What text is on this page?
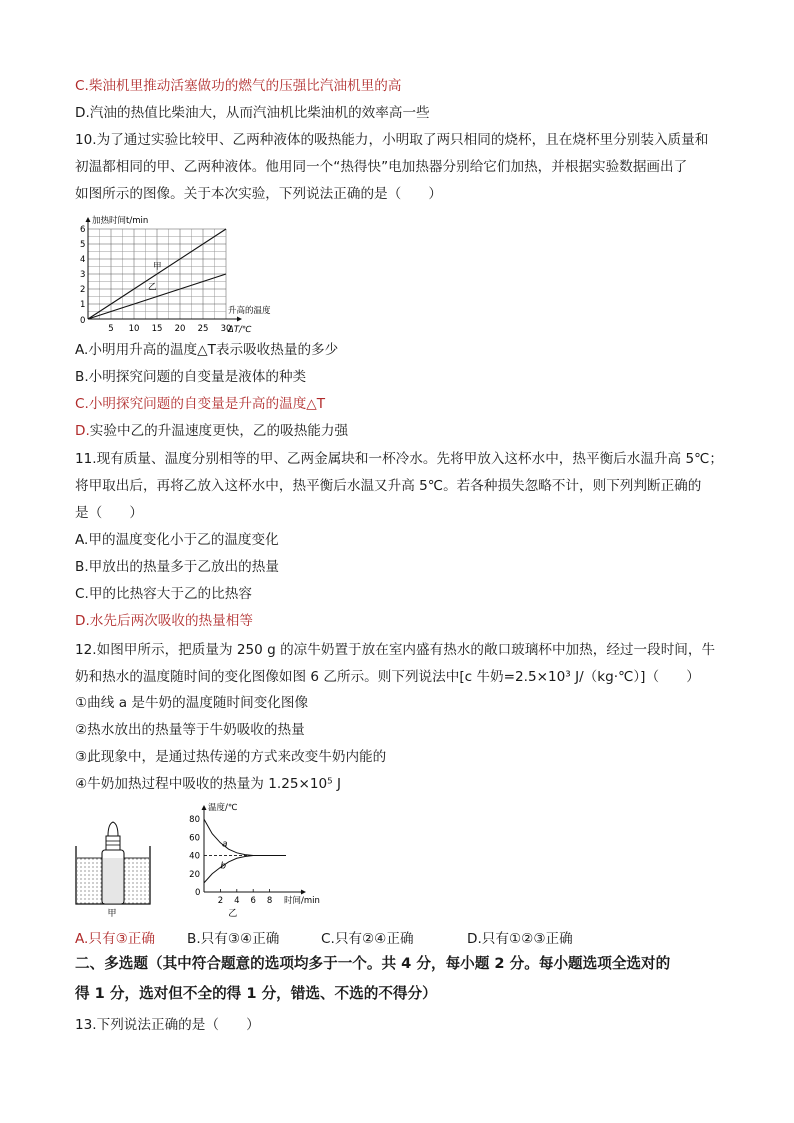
C.柴油机里推动活塞做功的燃气的压强比汽油机里的高
D.汽油的热值比柴油大，从而汽油机比柴油机的效率高一些
10.为了通过实验比较甲、乙两种液体的吸热能力，小明取了两只相同的烧杯，且在烧杯里分别装入质量和
初温都相同的甲、乙两种液体。他用同一个“热得快”电加热器分别给它们加热，并根据实验数据画出了
如图所示的图像。关于本次实验，下列说法正确的是（　　）
加热时间t/min
升高的温度
ΔT/℃
0
5 10 15 20 25 30
1
2
3
4
5
6
甲
乙
A.小明用升高的温度△T表示吸收热量的多少
B.小明探究问题的自变量是液体的种类
C.小明探究问题的自变量是升高的温度△T
D.实验中乙的升温速度更快，乙的吸热能力强
11.现有质量、温度分别相等的甲、乙两金属块和一杯冷水。先将甲放入这杯水中，热平衡后水温升高 5℃；
将甲取出后，再将乙放入这杯水中，热平衡后水温又升高 5℃。若各种损失忽略不计，则下列判断正确的
是（　　）
A.甲的温度变化小于乙的温度变化
B.甲放出的热量多于乙放出的热量
C.甲的比热容大于乙的比热容
D.水先后两次吸收的热量相等
12.如图甲所示，把质量为 250 g 的凉牛奶置于放在室内盛有热水的敞口玻璃杯中加热，经过一段时间，牛
奶和热水的温度随时间的变化图像如图 6 乙所示。则下列说法中[c 牛奶=2.5×10³ J/（kg·℃）]（　　）
①曲线 a 是牛奶的温度随时间变化图像
②热水放出的热量等于牛奶吸收的热量
③此现象中，是通过热传递的方式来改变牛奶内能的
④牛奶加热过程中吸收的热量为 1.25×10⁵ J
甲
温度/℃
时间/min
0
2 4 6 8
20
40
60
80
a
b
乙
A.只有③正确 B.只有③④正确	C.只有②④正确	D.只有①②③正确
二、多选题（其中符合题意的选项均多于一个。共 4 分，每小题 2 分。每小题选项全选对的
得 1 分，选对但不全的得 1 分，错选、不选的不得分）
13.下列说法正确的是（　　）
